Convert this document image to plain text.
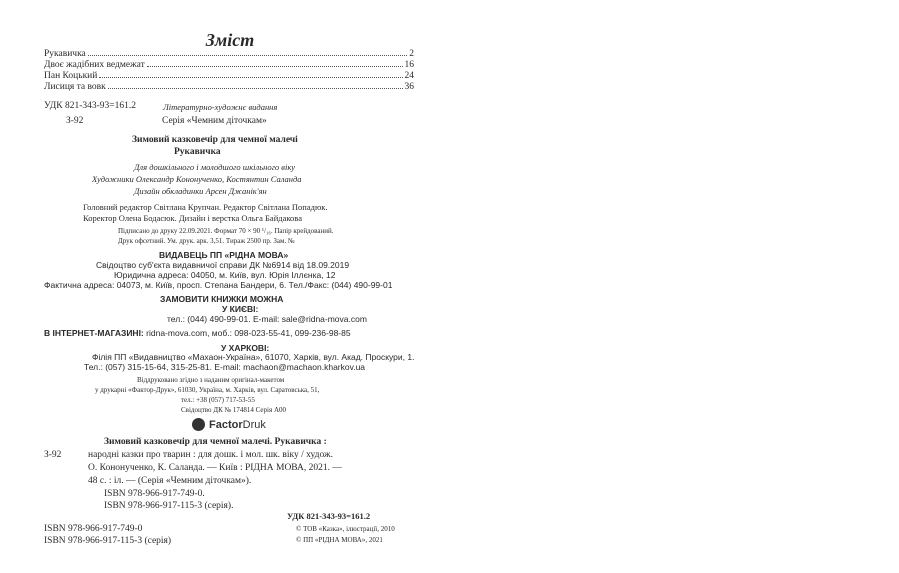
Зміст
Рукавичка	2
Двоє жадібних ведмежат	16
Пан Коцький	24
Лисиця та вовк	36
УДК 821-343-93=161.2	Літературно-художнє видання
З-92	Серія «Чемним діточкам»
Зимовий казковечір для чемної малечі
Рукавичка
Для дошкільного і молодшого шкільного віку
Художники Олександр Кононученко, Костянтин Саланда
Дизайн обкладинки Арсен Джанік'ян
Головний редактор Світлана Крупчан. Редактор Світлана Попадюк.
Коректор Олена Бодасюк. Дизайн і верстка Ольга Байдакова
Підписано до друку 22.09.2021. Формат 70 × 90 ¹/₁₆. Папір крейдований.
Друк офсетний. Ум. друк. арк. 3,51. Тираж 2500 пр. Зам. №
ВИДАВЕЦЬ ПП «РІДНА МОВА»
Свідоцтво суб'єкта видавничої справи ДК №6914 від 18.09.2019
Юридична адреса: 04050, м. Київ, вул. Юрія Іллєнка, 12
Фактична адреса: 04073, м. Київ, просп. Степана Бандери, 6. Тел./Факс: (044) 490-99-01
ЗАМОВИТИ КНИЖКИ МОЖНА
У КИЄВІ:
тел.: (044) 490-99-01. E-mail: sale@ridna-mova.com
В ІНТЕРНЕТ-МАГАЗИНІ: ridna-mova.com, моб.: 098-023-55-41, 099-236-98-85
У ХАРКОВІ:
Філія ПП «Видавництво «Махаон-Україна», 61070, Харків, вул. Акад. Проскури, 1.
Тел.: (057) 315-15-64, 315-25-81. E-mail: machaon@machaon.kharkov.ua
Віддруковано згідно з наданим оригінал-макетом
у друкарні «Фактор-Друк», 61030, Україна, м. Харків, вул. Саратовська, 51,
тел.: +38 (057) 717-53-55
Свідоцтво ДК № 174814 Серія А00
FactorDruk
Зимовий казковечір для чемної малечі. Рукавичка :
З-92	народні казки про тварин : для дошк. і мол. шк. віку / худож.
О. Кононученко, К. Саланда. — Київ : РІДНА МОВА, 2021. —
48 с. : іл. — (Серія «Чемним діточкам»).
ISBN 978-966-917-749-0.
ISBN 978-966-917-115-3 (серія).
УДК 821-343-93=161.2
ISBN 978-966-917-749-0
ISBN 978-966-917-115-3 (серія)
© ТОВ «Казка», ілюстрації, 2010
© ПП «РІДНА МОВА», 2021
